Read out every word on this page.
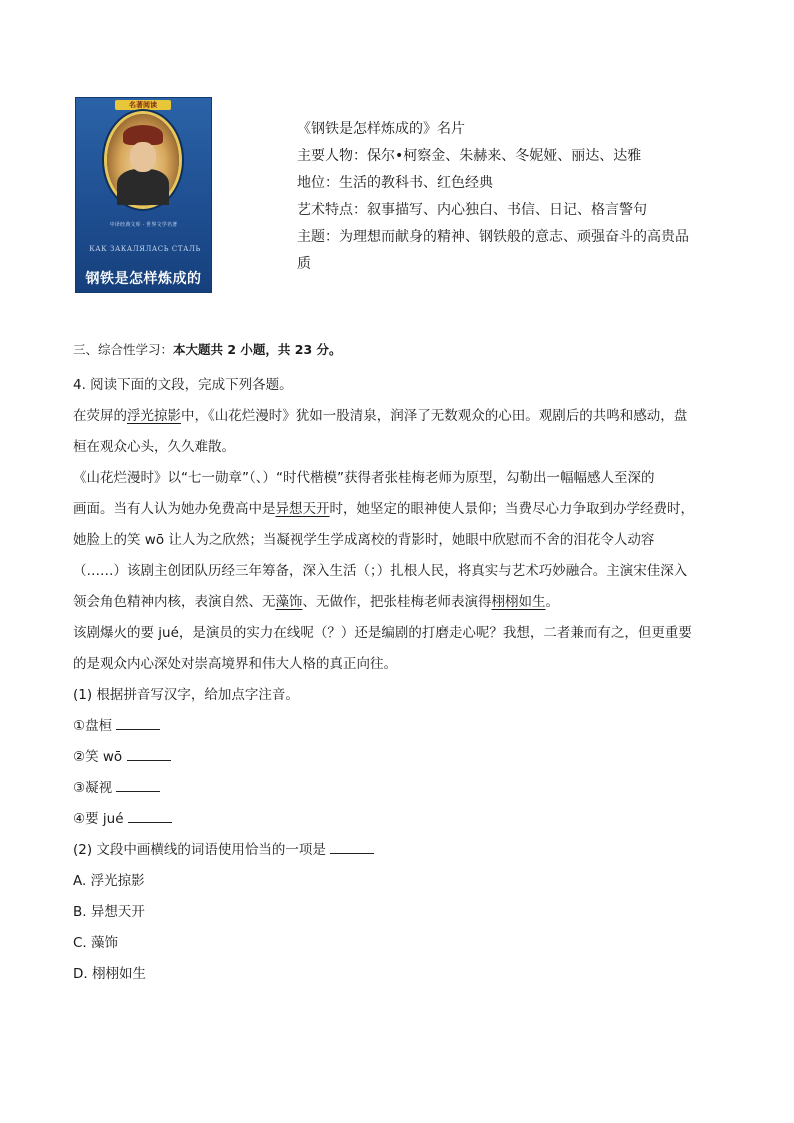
名著阅读
中译经典文库 · 世界文学名著
КАК ЗАКАЛЯЛАСЬ СТАЛЬ
钢铁是怎样炼成的

《钢铁是怎样炼成的》名片

主要人物：保尔•柯察金、朱赫来、冬妮娅、丽达、达雅

地位：生活的教科书、红色经典

艺术特点：叙事描写、内心独白、书信、日记、格言警句

主题：为理想而献身的精神、钢铁般的意志、顽强奋斗的高贵品

质

三、综合性学习：本大题共 2 小题，共 23 分。

4. 阅读下面的文段，完成下列各题。

在荧屏的浮光掠影中，《山花烂漫时》犹如一股清泉，润泽了无数观众的心田。观剧后的共鸣和感动，盘

桓在观众心头，久久难散。

《山花烂漫时》以“七一勋章”（、）“时代楷模”获得者张桂梅老师为原型，勾勒出一幅幅感人至深的

画面。当有人认为她办免费高中是异想天开时，她坚定的眼神使人景仰；当费尽心力争取到办学经费时，

她脸上的笑 wō 让人为之欣然；当凝视学生学成离校的背影时，她眼中欣慰而不舍的泪花令人动容

（……）该剧主创团队历经三年筹备，深入生活（；）扎根人民，将真实与艺术巧妙融合。主演宋佳深入

领会角色精神内核，表演自然、无藻饰、无做作，把张桂梅老师表演得栩栩如生。

该剧爆火的要 jué，是演员的实力在线呢（？）还是编剧的打磨走心呢？我想，二者兼而有之，但更重要

的是观众内心深处对崇高境界和伟大人格的真正向往。

(1) 根据拼音写汉字，给加点字注音。

①盘桓

②笑 wō

③凝视

④要 jué

(2) 文段中画横线的词语使用恰当的一项是

A. 浮光掠影

B. 异想天开

C. 藻饰

D. 栩栩如生
